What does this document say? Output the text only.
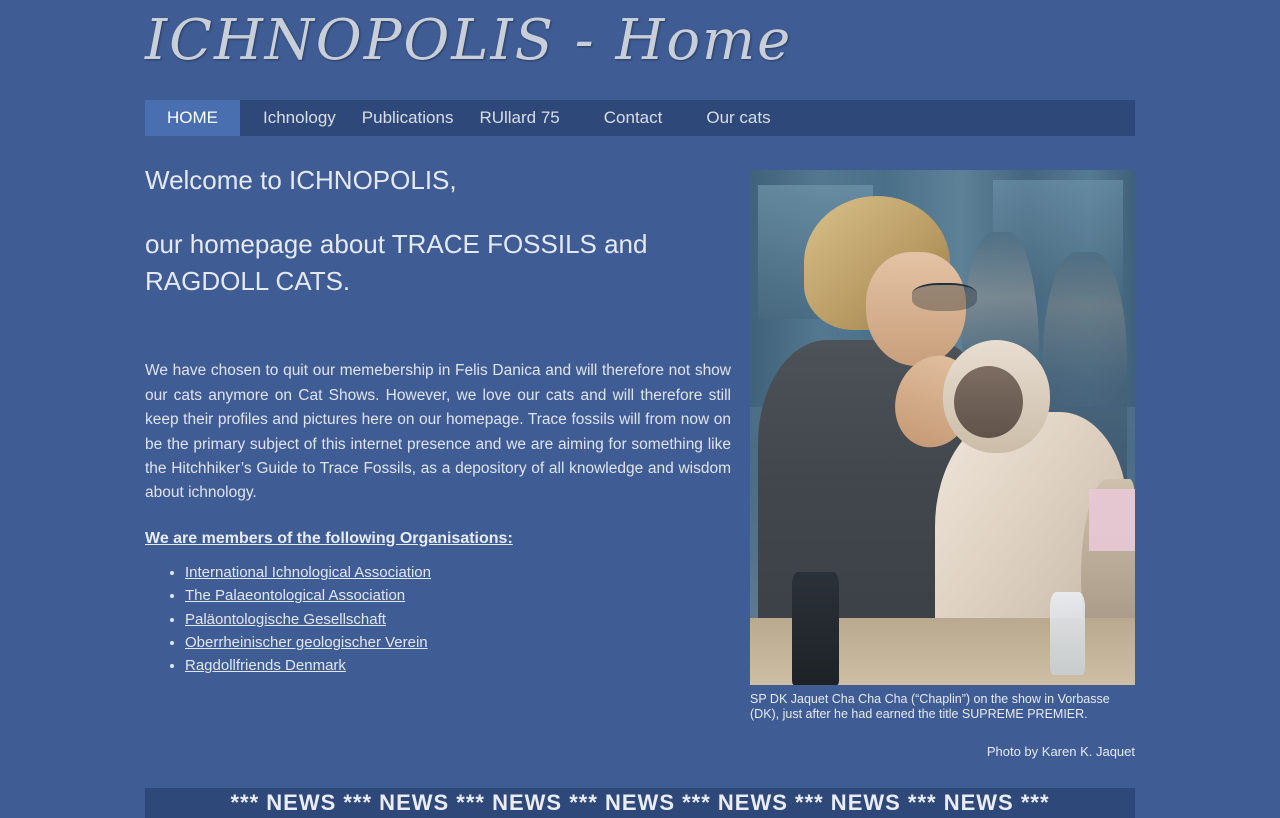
ICHNOPOLIS - Home
HOME	Ichnology	Publications	RUllard 75	Contact	Our cats
Welcome to ICHNOPOLIS,
our homepage about TRACE FOSSILS and RAGDOLL CATS.

We have chosen to quit our memebership in Felis Danica and will therefore not show our cats anymore on Cat Shows. However, we love our cats and will therefore still keep their profiles and pictures here on our homepage. Trace fossils will from now on be the primary subject of this internet presence and we are aiming for something like the Hitchhiker’s Guide to Trace Fossils, as a depository of all knowledge and wisdom about ichnology.

We are members of the following Organisations:
• International Ichnological Association
• The Palaeontological Association
• Paläontologische Gesellschaft
• Oberrheinischer geologischer Verein
• Ragdollfriends Denmark
SP DK Jaquet Cha Cha Cha (“Chaplin”) on the show in Vorbasse (DK), just after he had earned the title SUPREME PREMIER.
Photo by Karen K. Jaquet
*** NEWS *** NEWS *** NEWS *** NEWS *** NEWS *** NEWS *** NEWS ***
